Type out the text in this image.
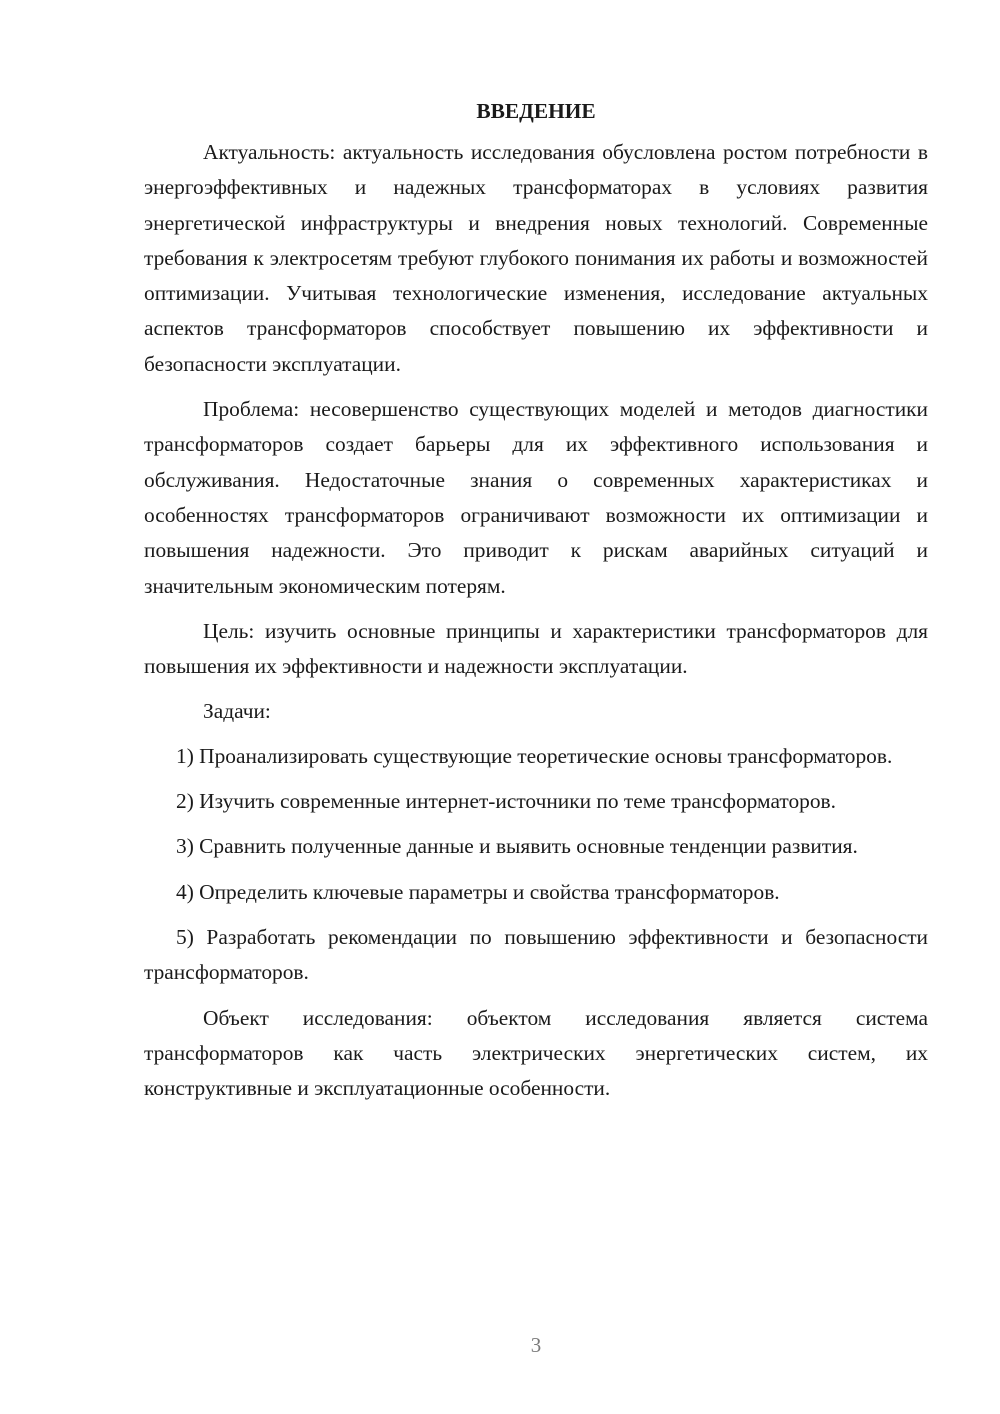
ВВЕДЕНИЕ

Актуальность: актуальность исследования обусловлена ростом потребности в энергоэффективных и надежных трансформаторах в условиях развития энергетической инфраструктуры и внедрения новых технологий. Современные требования к электросетям требуют глубокого понимания их работы и возможностей оптимизации. Учитывая технологические изменения, исследование актуальных аспектов трансформаторов способствует повышению их эффективности и безопасности эксплуатации.

Проблема: несовершенство существующих моделей и методов диагностики трансформаторов создает барьеры для их эффективного использования и обслуживания. Недостаточные знания о современных характеристиках и особенностях трансформаторов ограничивают возможности их оптимизации и повышения надежности. Это приводит к рискам аварийных ситуаций и значительным экономическим потерям.

Цель: изучить основные принципы и характеристики трансформаторов для повышения их эффективности и надежности эксплуатации.

Задачи:

1) Проанализировать существующие теоретические основы трансформаторов.

2) Изучить современные интернет-источники по теме трансформаторов.

3) Сравнить полученные данные и выявить основные тенденции развития.

4) Определить ключевые параметры и свойства трансформаторов.

5) Разработать рекомендации по повышению эффективности и безопасности трансформаторов.

Объект исследования: объектом исследования является система трансформаторов как часть электрических энергетических систем, их конструктивные и эксплуатационные особенности.

3
